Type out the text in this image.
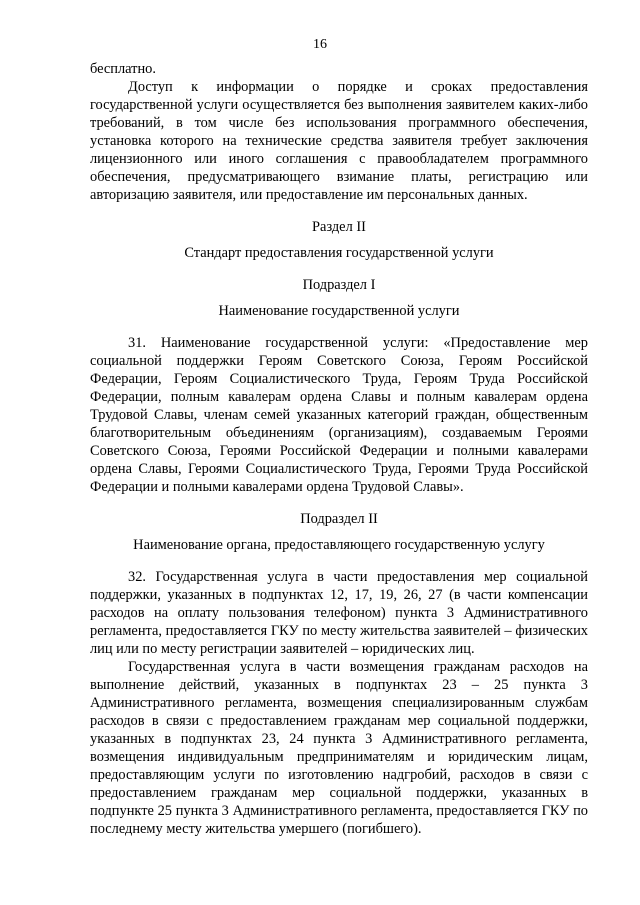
16

бесплатно.

Доступ к информации о порядке и сроках предоставления государственной услуги осуществляется без выполнения заявителем каких-либо требований, в том числе без использования программного обеспечения, установка которого на технические средства заявителя требует заключения лицензионного или иного соглашения с правообладателем программного обеспечения, предусматривающего взимание платы, регистрацию или авторизацию заявителя, или предоставление им персональных данных.

Раздел II
Стандарт предоставления государственной услуги
Подраздел I
Наименование государственной услуги

31. Наименование государственной услуги: «Предоставление мер социальной поддержки Героям Советского Союза, Героям Российской Федерации, Героям Социалистического Труда, Героям Труда Российской Федерации, полным кавалерам ордена Славы и полным кавалерам ордена Трудовой Славы, членам семей указанных категорий граждан, общественным благотворительным объединениям (организациям), создаваемым Героями Советского Союза, Героями Российской Федерации и полными кавалерами ордена Славы, Героями Социалистического Труда, Героями Труда Российской Федерации и полными кавалерами ордена Трудовой Славы».

Подраздел II
Наименование органа, предоставляющего государственную услугу

32. Государственная услуга в части предоставления мер социальной поддержки, указанных в подпунктах 12, 17, 19, 26, 27 (в части компенсации расходов на оплату пользования телефоном) пункта 3 Административного регламента, предоставляется ГКУ по месту жительства заявителей – физических лиц или по месту регистрации заявителей – юридических лиц.

Государственная услуга в части возмещения гражданам расходов на выполнение действий, указанных в подпунктах 23 – 25 пункта 3 Административного регламента, возмещения специализированным службам расходов в связи с предоставлением гражданам мер социальной поддержки, указанных в подпунктах 23, 24 пункта 3 Административного регламента, возмещения индивидуальным предпринимателям и юридическим лицам, предоставляющим услуги по изготовлению надгробий, расходов в связи с предоставлением гражданам мер социальной поддержки, указанных в подпункте 25 пункта 3 Административного регламента, предоставляется ГКУ по последнему месту жительства умершего (погибшего).
